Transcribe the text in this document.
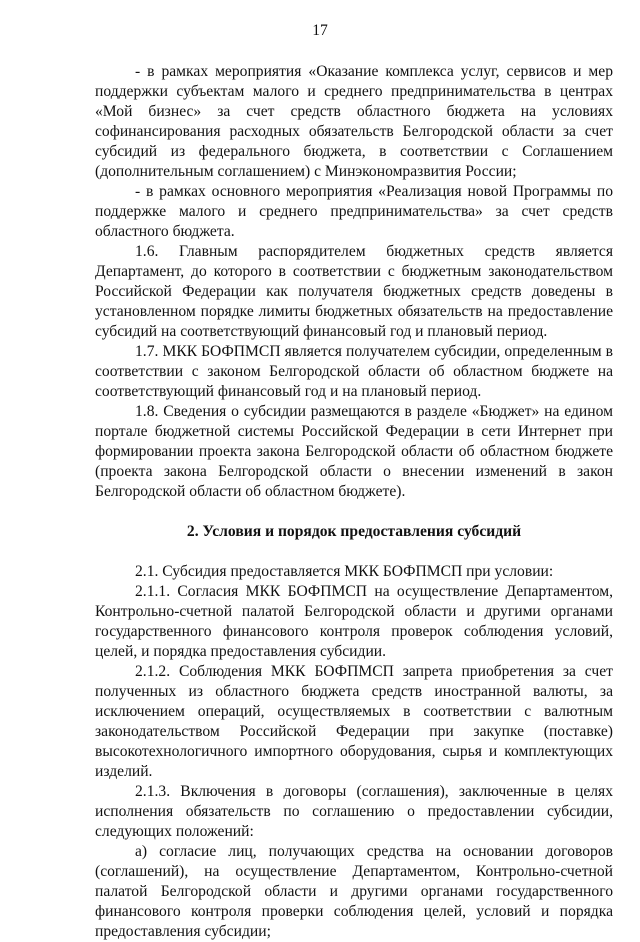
17

- в рамках мероприятия «Оказание комплекса услуг, сервисов и мер поддержки субъектам малого и среднего предпринимательства в центрах «Мой бизнес» за счет средств областного бюджета на условиях софинансирования расходных обязательств Белгородской области за счет субсидий из федерального бюджета, в соответствии с Соглашением (дополнительным соглашением) с Минэкономразвития России;

- в рамках основного мероприятия «Реализация новой Программы по поддержке малого и среднего предпринимательства» за счет средств областного бюджета.

1.6. Главным распорядителем бюджетных средств является Департамент, до которого в соответствии с бюджетным законодательством Российской Федерации как получателя бюджетных средств доведены в установленном порядке лимиты бюджетных обязательств на предоставление субсидий на соответствующий финансовый год и плановый период.

1.7. МКК БОФПМСП является получателем субсидии, определенным в соответствии с законом Белгородской области об областном бюджете на соответствующий финансовый год и на плановый период.

1.8. Сведения о субсидии размещаются в разделе «Бюджет» на едином портале бюджетной системы Российской Федерации в сети Интернет при формировании проекта закона Белгородской области об областном бюджете (проекта закона Белгородской области о внесении изменений в закон Белгородской области об областном бюджете).

2. Условия и порядок предоставления субсидий

2.1. Субсидия предоставляется МКК БОФПМСП при условии:

2.1.1. Согласия МКК БОФПМСП на осуществление Департаментом, Контрольно-счетной палатой Белгородской области и другими органами государственного финансового контроля проверок соблюдения условий, целей, и порядка предоставления субсидии.

2.1.2. Соблюдения МКК БОФПМСП запрета приобретения за счет полученных из областного бюджета средств иностранной валюты, за исключением операций, осуществляемых в соответствии с валютным законодательством Российской Федерации при закупке (поставке) высокотехнологичного импортного оборудования, сырья и комплектующих изделий.

2.1.3. Включения в договоры (соглашения), заключенные в целях исполнения обязательств по соглашению о предоставлении субсидии, следующих положений:

а) согласие лиц, получающих средства на основании договоров (соглашений), на осуществление Департаментом, Контрольно-счетной палатой Белгородской области и другими органами государственного финансового контроля проверки соблюдения целей, условий и порядка предоставления субсидии;
